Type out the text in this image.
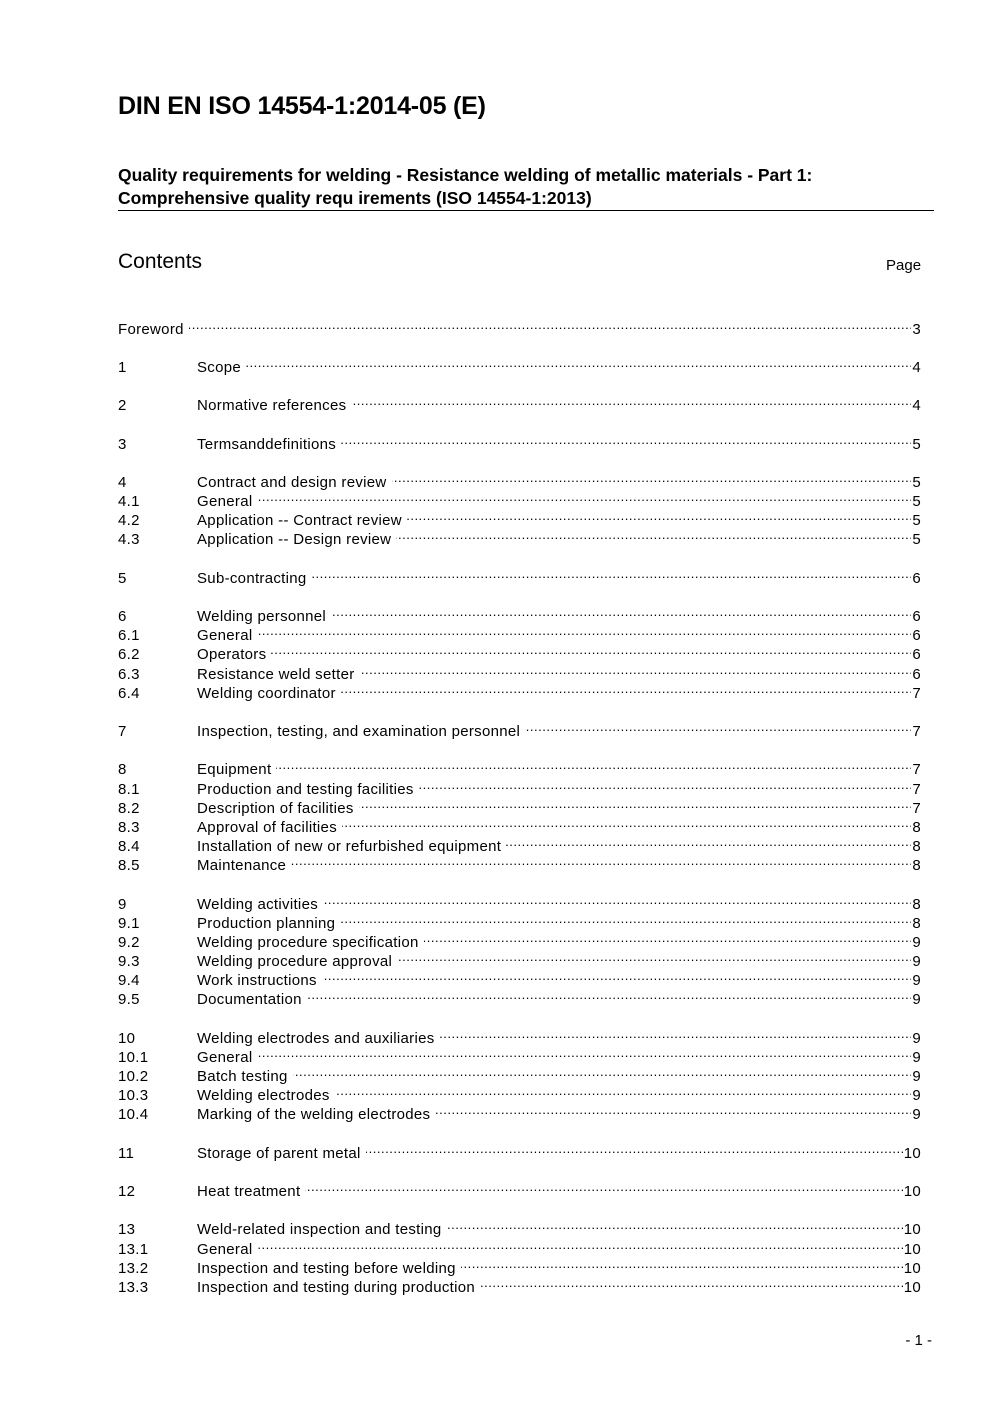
DIN EN ISO 14554-1:2014-05 (E)
Quality requirements for welding - Resistance welding of metallic materials - Part 1:
Comprehensive quality requ irements (ISO 14554-1:2013)
Contents	Page
Foreword . . .	3
1	Scope . . .	4
2	Normative references . . .	4
3	Termsanddefinitions . . .	5
4	Contract and design review . . .	5
4.1	General . . .	5
4.2	Application -- Contract review . . .	5
4.3	Application -- Design review . . .	5
5	Sub-contracting . . .	6
6	Welding personnel . . .	6
6.1	General . . .	6
6.2	Operators . . .	6
6.3	Resistance weld setter . . .	6
6.4	Welding coordinator . . .	7
7	Inspection, testing, and examination personnel . . .	7
8	Equipment . . .	7
8.1	Production and testing facilities . . .	7
8.2	Description of facilities . . .	7
8.3	Approval of facilities . . .	8
8.4	Installation of new or refurbished equipment . . .	8
8.5	Maintenance . . .	8
9	Welding activities . . .	8
9.1	Production planning . . .	8
9.2	Welding procedure specification . . .	9
9.3	Welding procedure approval . . .	9
9.4	Work instructions . . .	9
9.5	Documentation . . .	9
10	Welding electrodes and auxiliaries . . .	9
10.1	General . . .	9
10.2	Batch testing . . .	9
10.3	Welding electrodes . . .	9
10.4	Marking of the welding electrodes . . .	9
11	Storage of parent metal . . .	10
12	Heat treatment . . .	10
13	Weld-related inspection and testing . . .	10
13.1	General . . .	10
13.2	Inspection and testing before welding . . .	10
13.3	Inspection and testing during production . . .	10
- 1 -
